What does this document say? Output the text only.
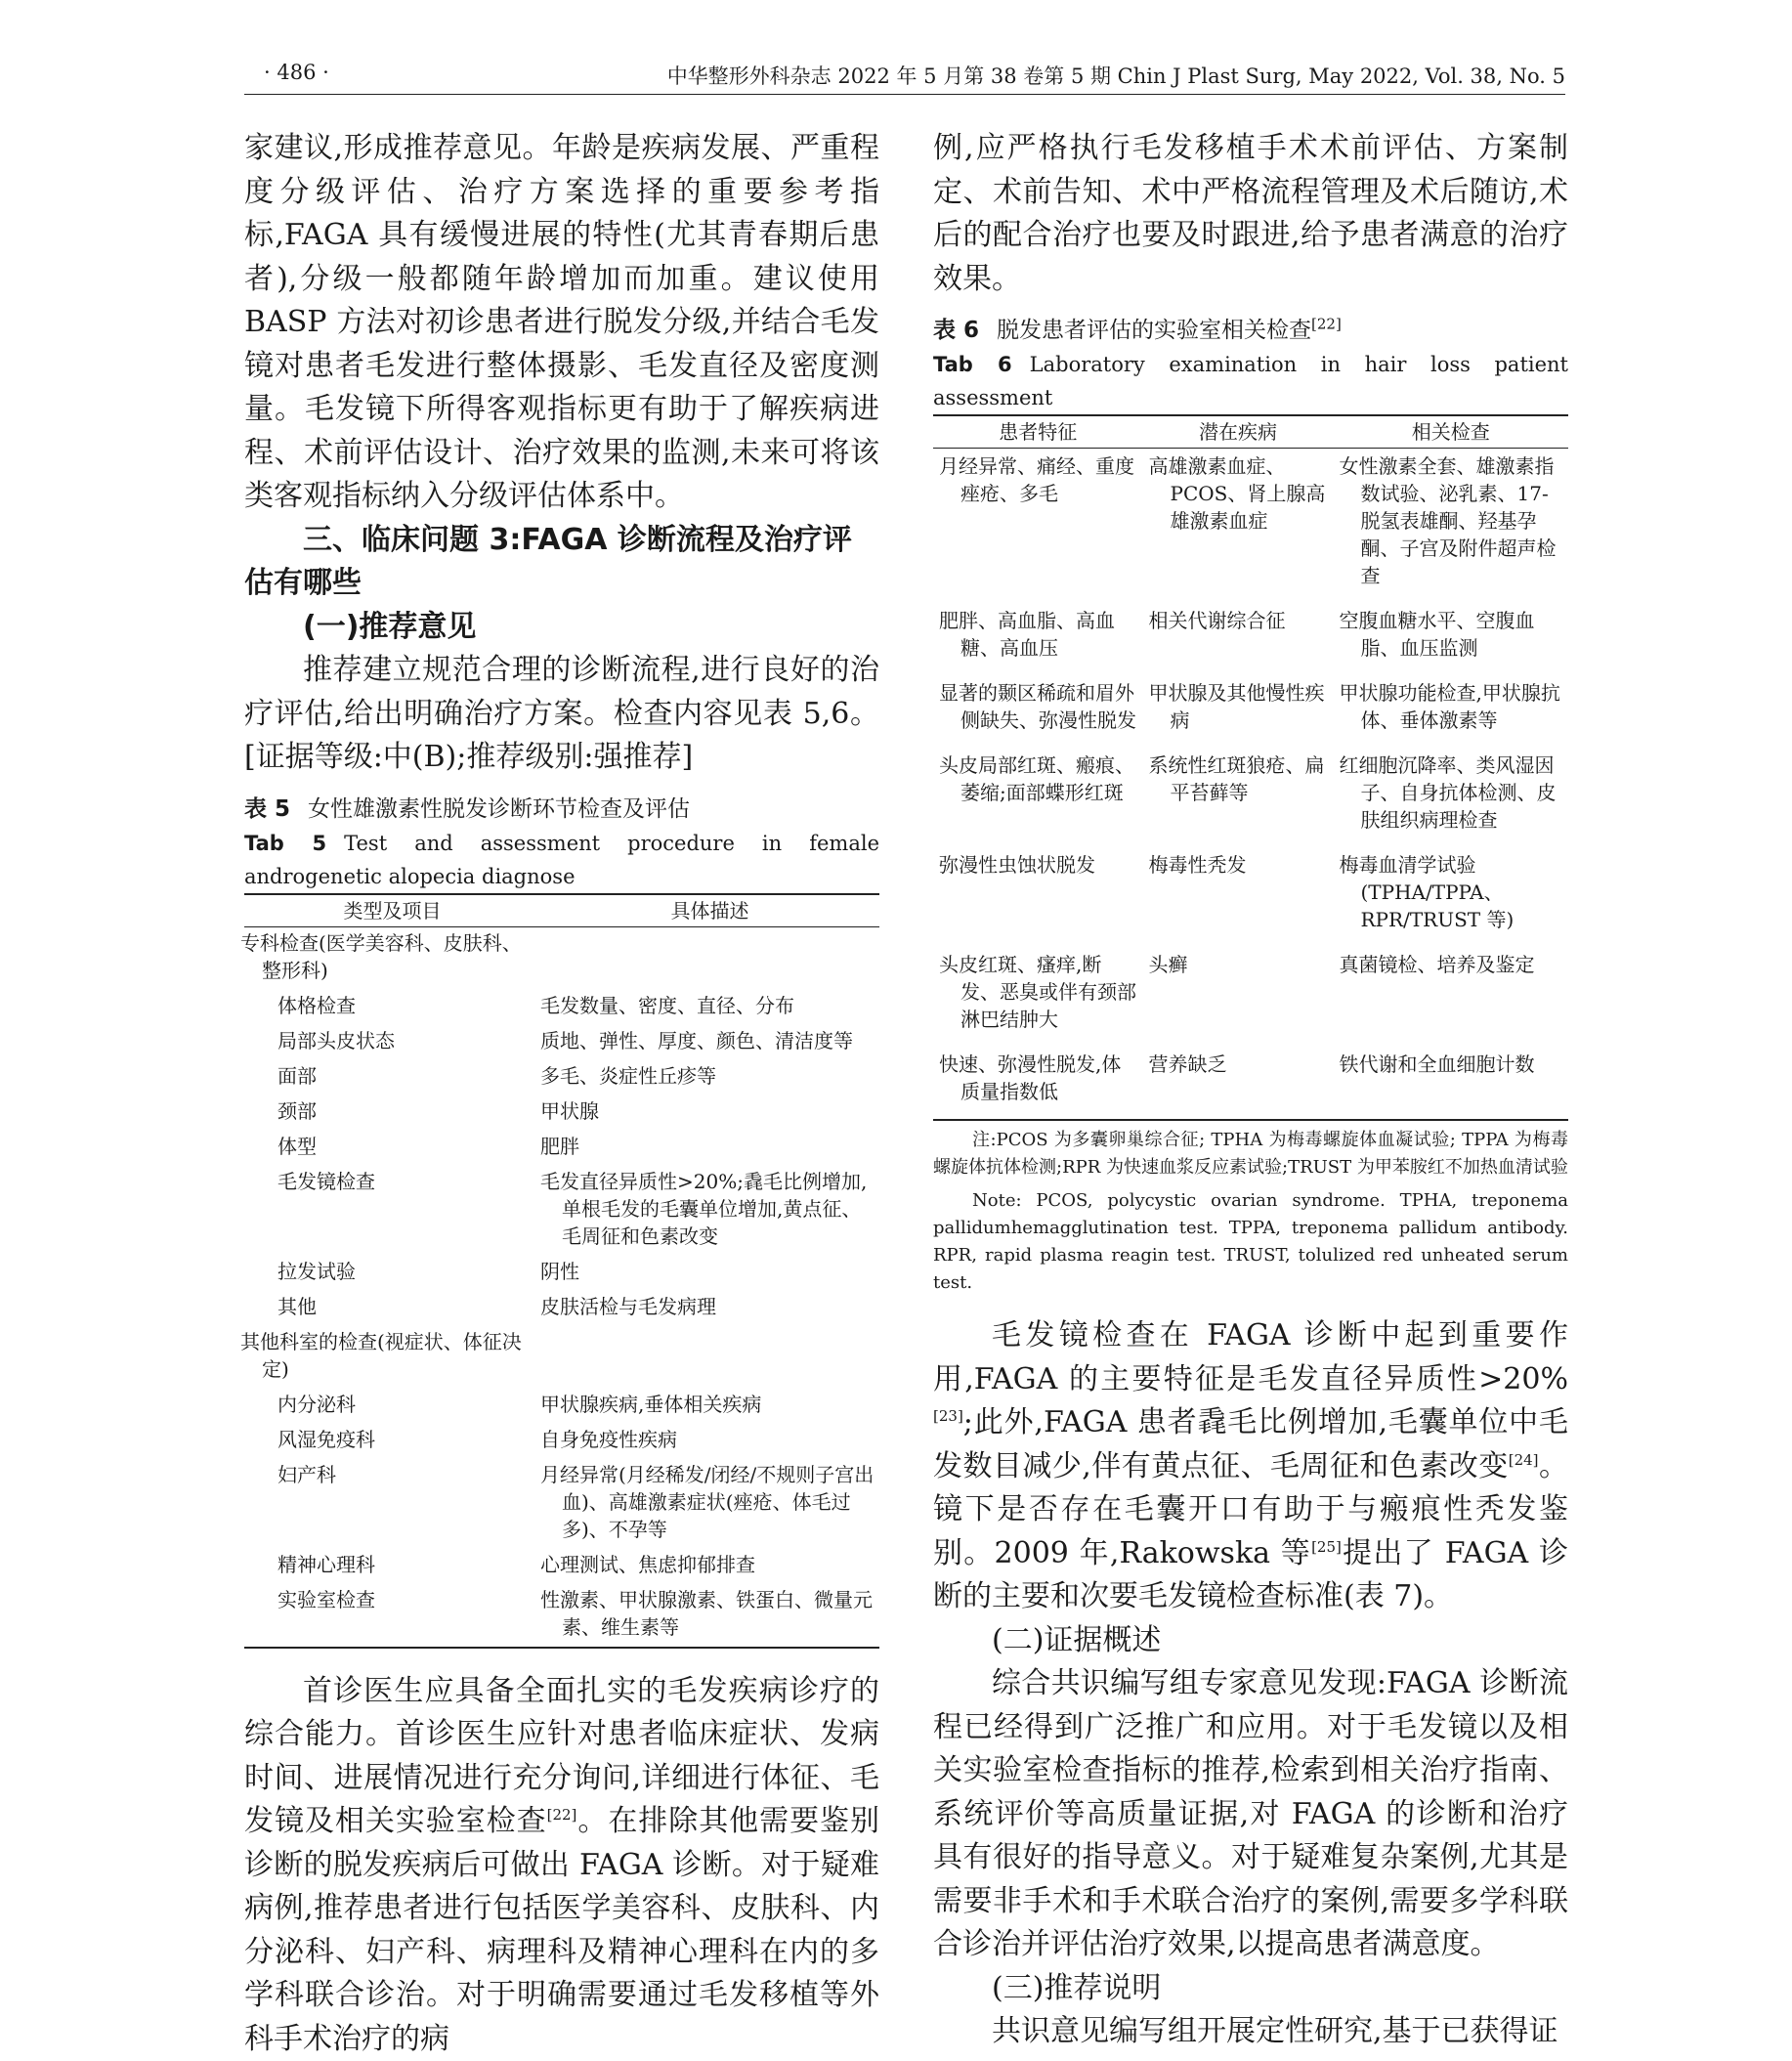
· 486 ·	中华整形外科杂志 2022 年 5 月第 38 卷第 5 期 Chin J Plast Surg, May 2022, Vol. 38, No. 5

家建议,形成推荐意见。年龄是疾病发展、严重程度分级评估、治疗方案选择的重要参考指标,FAGA 具有缓慢进展的特性(尤其青春期后患者),分级一般都随年龄增加而加重。建议使用 BASP 方法对初诊患者进行脱发分级,并结合毛发镜对患者毛发进行整体摄影、毛发直径及密度测量。毛发镜下所得客观指标更有助于了解疾病进程、术前评估设计、治疗效果的监测,未来可将该类客观指标纳入分级评估体系中。

三、临床问题 3:FAGA 诊断流程及治疗评估有哪些

(一)推荐意见

推荐建立规范合理的诊断流程,进行良好的治疗评估,给出明确治疗方案。检查内容见表 5,6。[证据等级:中(B);推荐级别:强推荐]

表 5 女性雄激素性脱发诊断环节检查及评估

Tab 5 Test and assessment procedure in female androgenetic alopecia diagnose

类型及项目	具体描述
专科检查(医学美容科、皮肤科、整形科)	
体格检查	毛发数量、密度、直径、分布
局部头皮状态	质地、弹性、厚度、颜色、清洁度等
面部	多毛、炎症性丘疹等
颈部	甲状腺
体型	肥胖
毛发镜检查	毛发直径异质性>20%;毳毛比例增加,单根毛发的毛囊单位增加,黄点征、毛周征和色素改变
拉发试验	阴性
其他	皮肤活检与毛发病理
其他科室的检查(视症状、体征决定)	
内分泌科	甲状腺疾病,垂体相关疾病
风湿免疫科	自身免疫性疾病
妇产科	月经异常(月经稀发/闭经/不规则子宫出血)、高雄激素症状(痤疮、体毛过多)、不孕等
精神心理科	心理测试、焦虑抑郁排查
实验室检查	性激素、甲状腺激素、铁蛋白、微量元素、维生素等

首诊医生应具备全面扎实的毛发疾病诊疗的综合能力。首诊医生应针对患者临床症状、发病时间、进展情况进行充分询问,详细进行体征、毛发镜及相关实验室检查[22]。在排除其他需要鉴别诊断的脱发疾病后可做出 FAGA 诊断。对于疑难病例,推荐患者进行包括医学美容科、皮肤科、内分泌科、妇产科、病理科及精神心理科在内的多学科联合诊治。对于明确需要通过毛发移植等外科手术治疗的病

例,应严格执行毛发移植手术术前评估、方案制定、术前告知、术中严格流程管理及术后随访,术后的配合治疗也要及时跟进,给予患者满意的治疗效果。

表 6 脱发患者评估的实验室相关检查[22]

Tab 6 Laboratory examination in hair loss patient assessment

患者特征	潜在疾病	相关检查
月经异常、痛经、重度痤疮、多毛	高雄激素血症、PCOS、肾上腺高雄激素血症	女性激素全套、雄激素指数试验、泌乳素、17-脱氢表雄酮、羟基孕酮、子宫及附件超声检查
肥胖、高血脂、高血糖、高血压	相关代谢综合征	空腹血糖水平、空腹血脂、血压监测
显著的颞区稀疏和眉外侧缺失、弥漫性脱发	甲状腺及其他慢性疾病	甲状腺功能检查,甲状腺抗体、垂体激素等
头皮局部红斑、瘢痕、萎缩;面部蝶形红斑	系统性红斑狼疮、扁平苔藓等	红细胞沉降率、类风湿因子、自身抗体检测、皮肤组织病理检查
弥漫性虫蚀状脱发	梅毒性秃发	梅毒血清学试验(TPHA/TPPA、RPR/TRUST 等)
头皮红斑、瘙痒,断发、恶臭或伴有颈部淋巴结肿大	头癣	真菌镜检、培养及鉴定
快速、弥漫性脱发,体质量指数低	营养缺乏	铁代谢和全血细胞计数

注:PCOS 为多囊卵巢综合征; TPHA 为梅毒螺旋体血凝试验; TPPA 为梅毒螺旋体抗体检测;RPR 为快速血浆反应素试验;TRUST 为甲苯胺红不加热血清试验

Note: PCOS, polycystic ovarian syndrome. TPHA, treponema pallidumhemagglutination test. TPPA, treponema pallidum antibody. RPR, rapid plasma reagin test. TRUST, tolulized red unheated serum test.

毛发镜检查在 FAGA 诊断中起到重要作用,FAGA 的主要特征是毛发直径异质性>20%[23];此外,FAGA 患者毳毛比例增加,毛囊单位中毛发数目减少,伴有黄点征、毛周征和色素改变[24]。镜下是否存在毛囊开口有助于与瘢痕性秃发鉴别。2009 年,Rakowska 等[25]提出了 FAGA 诊断的主要和次要毛发镜检查标准(表 7)。

(二)证据概述

综合共识编写组专家意见发现:FAGA 诊断流程已经得到广泛推广和应用。对于毛发镜以及相关实验室检查指标的推荐,检索到相关治疗指南、系统评价等高质量证据,对 FAGA 的诊断和治疗具有很好的指导意义。对于疑难复杂案例,尤其是需要非手术和手术联合治疗的案例,需要多学科联合诊治并评估治疗效果,以提高患者满意度。

(三)推荐说明

共识意见编写组开展定性研究,基于已获得证
